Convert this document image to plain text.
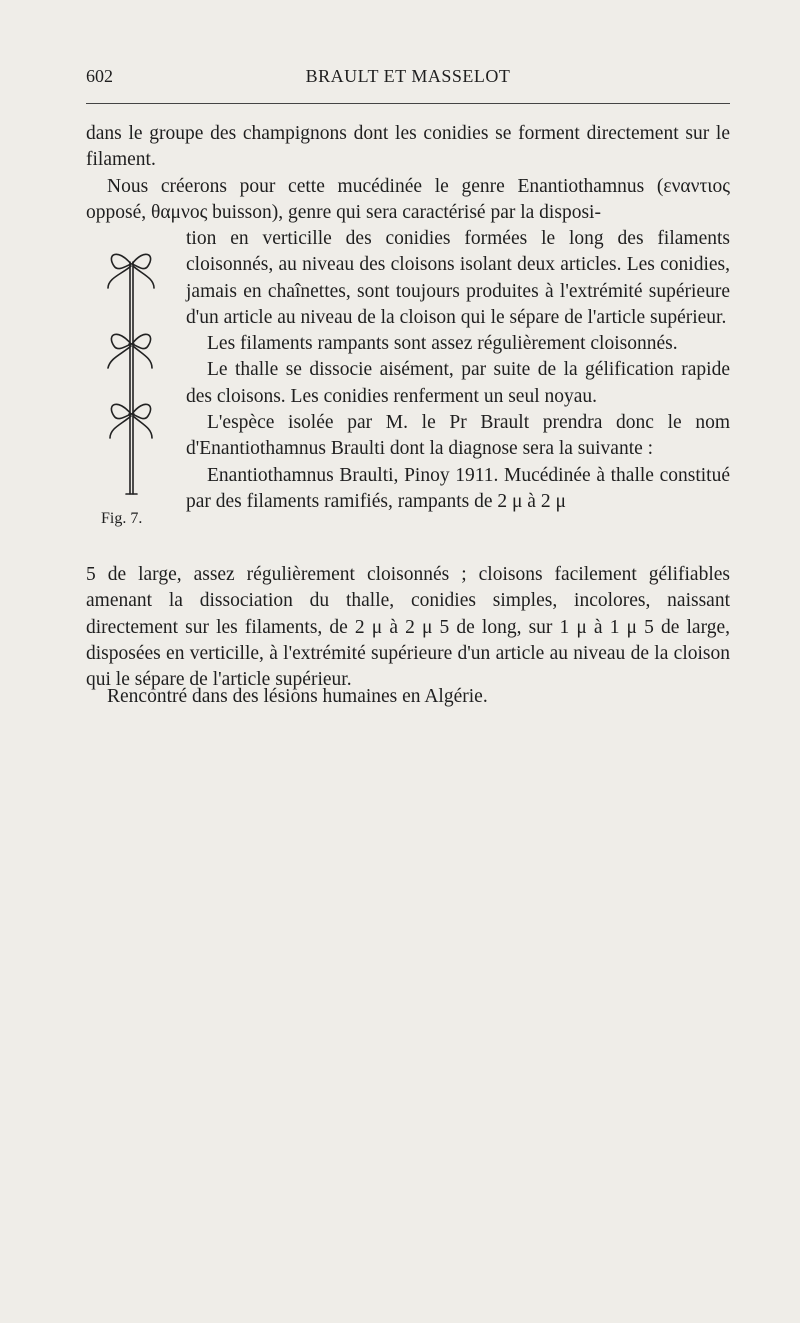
602	BRAULT ET MASSELOT

dans le groupe des champignons dont les conidies se forment directement sur le filament.

Nous créerons pour cette mucédinée le genre Enantiothamnus (εναντιος opposé, θαμνος buisson), genre qui sera caractérisé par la disposi-

tion en verticille des conidies formées le long des filaments cloisonnés, au niveau des cloisons isolant deux articles. Les conidies, jamais en chaînettes, sont toujours produites à l'extrémité supérieure d'un article au niveau de la cloison qui le sépare de l'article supérieur.

Les filaments rampants sont assez régulièrement cloisonnés.

Le thalle se dissocie aisément, par suite de la gélification rapide des cloisons. Les conidies renferment un seul noyau.

L'espèce isolée par M. le Pr Brault prendra donc le nom d'Enantiothamnus Braulti dont la diagnose sera la suivante :

Enantiothamnus Braulti, Pinoy 1911. Mucédinée à thalle constitué par des filaments ramifiés, rampants de 2 μ à 2 μ

5 de large, assez régulièrement cloisonnés ; cloisons facilement gélifiables amenant la dissociation du thalle, conidies simples, incolores, naissant directement sur les filaments, de 2 μ à 2 μ 5 de long, sur 1 μ à 1 μ 5 de large, disposées en verticille, à l'extrémité supérieure d'un article au niveau de la cloison qui le sépare de l'article supérieur.

Rencontré dans des lésions humaines en Algérie.

Fig. 7.
